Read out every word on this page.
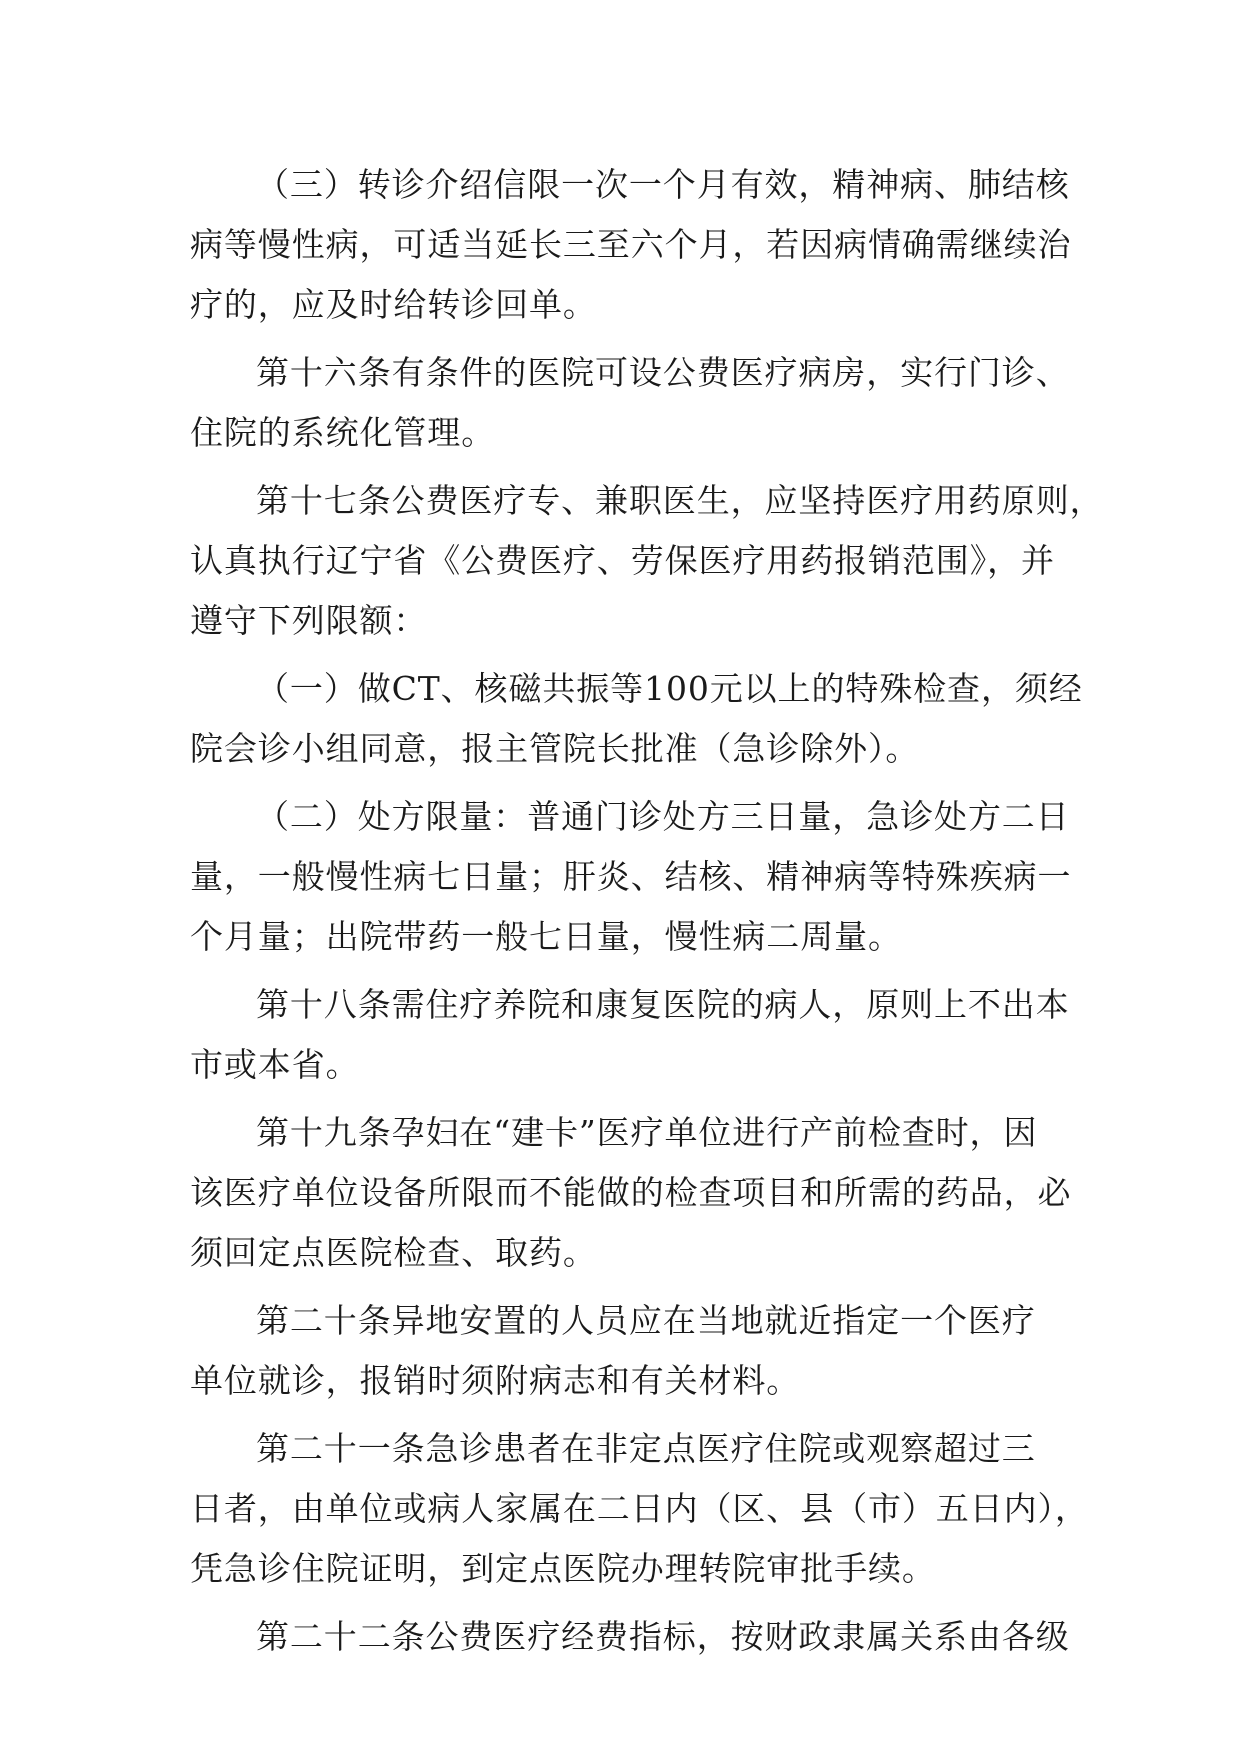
（三）转诊介绍信限一次一个月有效，精神病、肺结核
病等慢性病，可适当延长三至六个月，若因病情确需继续治
疗的，应及时给转诊回单。
第十六条有条件的医院可设公费医疗病房，实行门诊、
住院的系统化管理。
第十七条公费医疗专、兼职医生，应坚持医疗用药原则，
认真执行辽宁省《公费医疗、劳保医疗用药报销范围》，并
遵守下列限额：
（一）做CT、核磁共振等100元以上的特殊检查，须经
院会诊小组同意，报主管院长批准（急诊除外）。
（二）处方限量：普通门诊处方三日量，急诊处方二日
量，一般慢性病七日量；肝炎、结核、精神病等特殊疾病一
个月量；出院带药一般七日量，慢性病二周量。
第十八条需住疗养院和康复医院的病人，原则上不出本
市或本省。
第十九条孕妇在“建卡”医疗单位进行产前检查时，因
该医疗单位设备所限而不能做的检查项目和所需的药品，必
须回定点医院检查、取药。
第二十条异地安置的人员应在当地就近指定一个医疗
单位就诊，报销时须附病志和有关材料。
第二十一条急诊患者在非定点医疗住院或观察超过三
日者，由单位或病人家属在二日内（区、县（市）五日内），
凭急诊住院证明，到定点医院办理转院审批手续。
第二十二条公费医疗经费指标，按财政隶属关系由各级
